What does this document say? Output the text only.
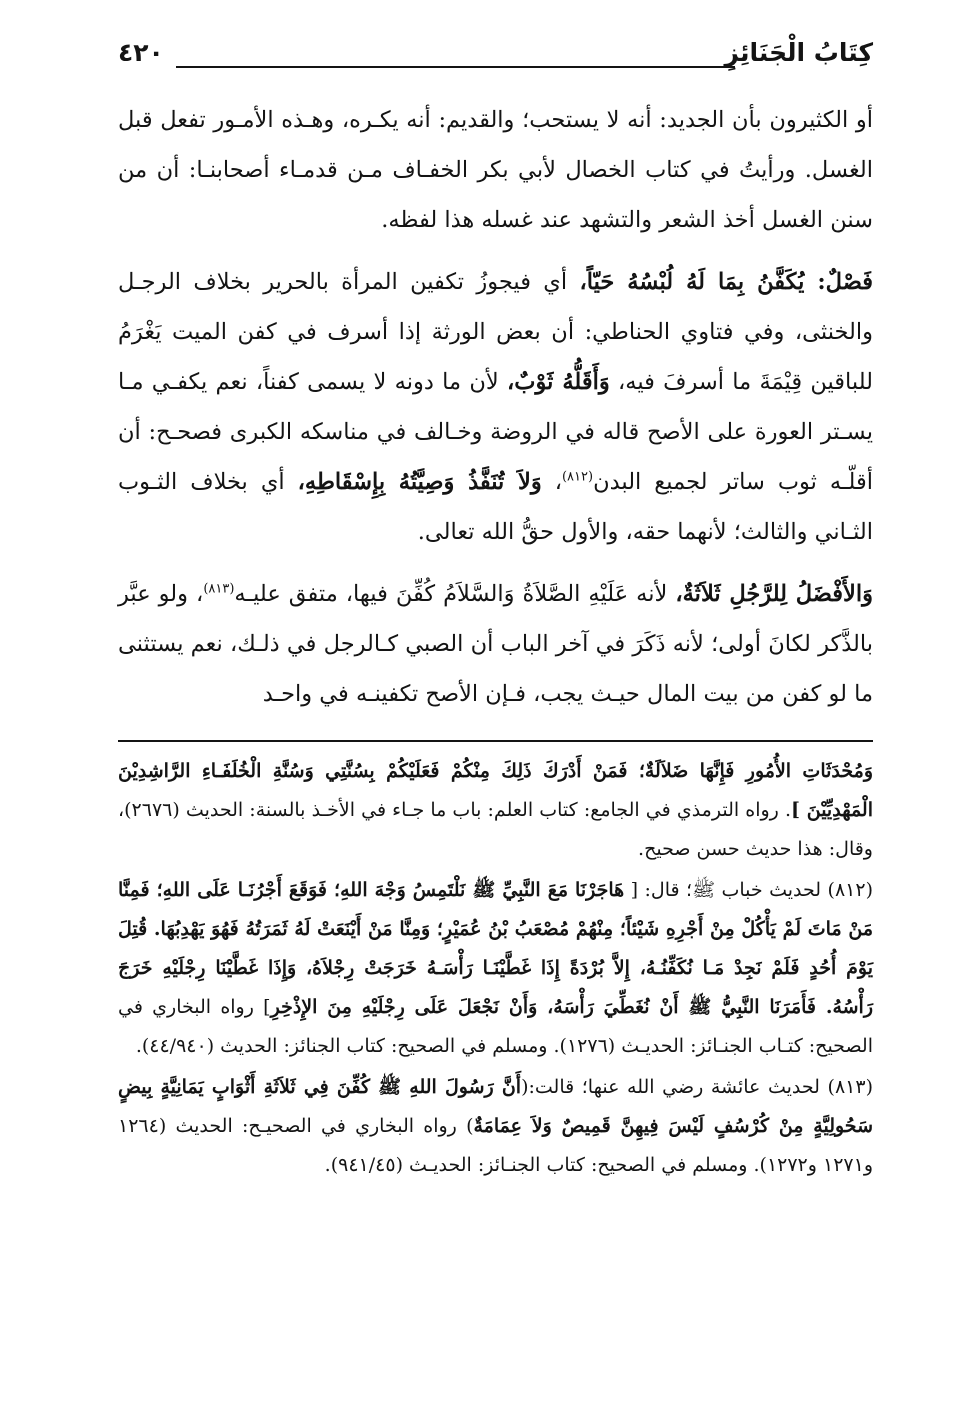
كِتَابُ الْجَنَائِزِ
٤٢٠

أو الكثيرون بأن الجديد: أنه لا يستحب؛ والقديم: أنه يكـره، وهـذه الأمـور تفعل قبل الغسل. ورأيتُ في كتاب الخصال لأبي بكر الخفـاف مـن قدمـاء أصحابنـا: أن من سنن الغسل أخذ الشعر والتشهد عند غسله هذا لفظه.

فَصْلٌ: يُكَفَّنُ بِمَا لَهُ لُبْسُهُ حَيّاً، أي فيجوزُ تكفين المرأة بالحرير بخلاف الرجـل والخنثى، وفي فتاوي الحناطي: أن بعض الورثة إذا أسرف في كفن الميت يَغْرَمُ للباقين قِيْمَةَ ما أسرفَ فيه، وَأَقَلُّهُ ثَوْبٌ، لأن ما دونه لا يسمى كفناً، نعم يكفـي مـا يسـتر العورة على الأصح قاله في الروضة وخـالف في مناسكه الكبرى فصحـح: أن أقلّـه ثوب ساتر لجميع البدن$^{(٨١٢)}$، وَلاَ تُنَفَّذُ وَصِيَّتُهُ بِإِسْقَاطِهِ، أي بخلاف الثـوب الثـاني والثالث؛ لأنهما حقه، والأول حقُّ الله تعالى.

وَالأَفْضَلُ لِلرَّجُلِ ثَلاَثَةٌ، لأنه عَلَيْهِ الصَّلاَةُ وَالسَّلاَمُ كُفِّنَ فيها، متفق عليـه$^{(٨١٣)}$، ولو عبَّر بالذَّكر لكانَ أولى؛ لأنه ذَكَرَ في آخر الباب أن الصبي كـالرجل في ذلـك، نعم يستثنى ما لو كفن من بيت المال حيـث يجب، فـإن الأصح تكفينـه في واحـد

وَمُحْدَثَاتِ الأُمُورِ فَإِنَّهَا ضَلاَلَةٌ؛ فَمَنْ أَدْرَكَ ذَلِكَ مِنْكُمْ فَعَلَيْكُمْ بِسُنَّتِي وَسُنَّةِ الْخُلَفَـاءِ الرَّاشِدِيْنَ الْمَهْدِيِّيْنَ ]. رواه الترمذي في الجامع: كتاب العلم: باب ما جـاء في الأخـذ بالسنة: الحديث (٢٦٧٦)، وقال: هذا حديث حسن صحيح.

(٨١٢) لحديث خباب ﷺ؛ قال: [ هَاجَرْنَا مَعَ النَّبِيِّ ﷺ نَلْتَمِسُ وَجْهَ اللهِ؛ فَوَقَعَ أَجْرُنَـا عَلَى اللهِ؛ فَمِنَّا مَنْ مَاتَ لَمْ يَأْكُلْ مِنْ أَجْرِهِ شَيْئاً؛ مِنْهُمْ مُصْعَبُ بْنُ عُمَيْرٍ؛ وَمِنَّا مَنْ أَيْنَعَتْ لَهُ ثَمَرَتُهُ فَهُوَ يَهْدِبُهَا. قُتِلَ يَوْمَ أُحُدٍ فَلَمْ نَجِدْ مَـا نُكَفِّنُـهُ، إِلاَّ بُرْدَةً إِذَا غَطَّيْنَـا رَأْسَـهُ خَرَجَتْ رِجْلاَهُ، وَإِذَا غَطَّيْنَا رِجْلَيْهِ خَرَجَ رَأْسُهُ. فَأَمَرَنَا النَّبِيُّ ﷺ أَنْ نُغَطِّيَ رَأْسَهُ، وَأَنْ نَجْعَلَ عَلَى رِجْلَيْهِ مِنَ الإِذْخِرِ] رواه البخاري في الصحيح: كتـاب الجنـائز: الحديـث (١٢٧٦). ومسلم في الصحيح: كتاب الجنائز: الحديث (٤٤/٩٤٠).

(٨١٣) لحديث عائشة رضي الله عنها؛ قالت:(أَنَّ رَسُولَ اللهِ ﷺ كُفِّنَ فِي ثَلاَثَةِ أَثْوَابٍ يَمَانِيَّةٍ بِيضٍ سَحُولِيَّةٍ مِنْ كُرْسُفٍ لَيْسَ فِيهِنَّ قَمِيصٌ وَلاَ عِمَامَةٌ) رواه البخاري في الصحيـح: الحديث (١٢٦٤ و١٢٧١ و١٢٧٢). ومسلم في الصحيح: كتاب الجنـائز: الحديـث (٩٤١/٤٥).
